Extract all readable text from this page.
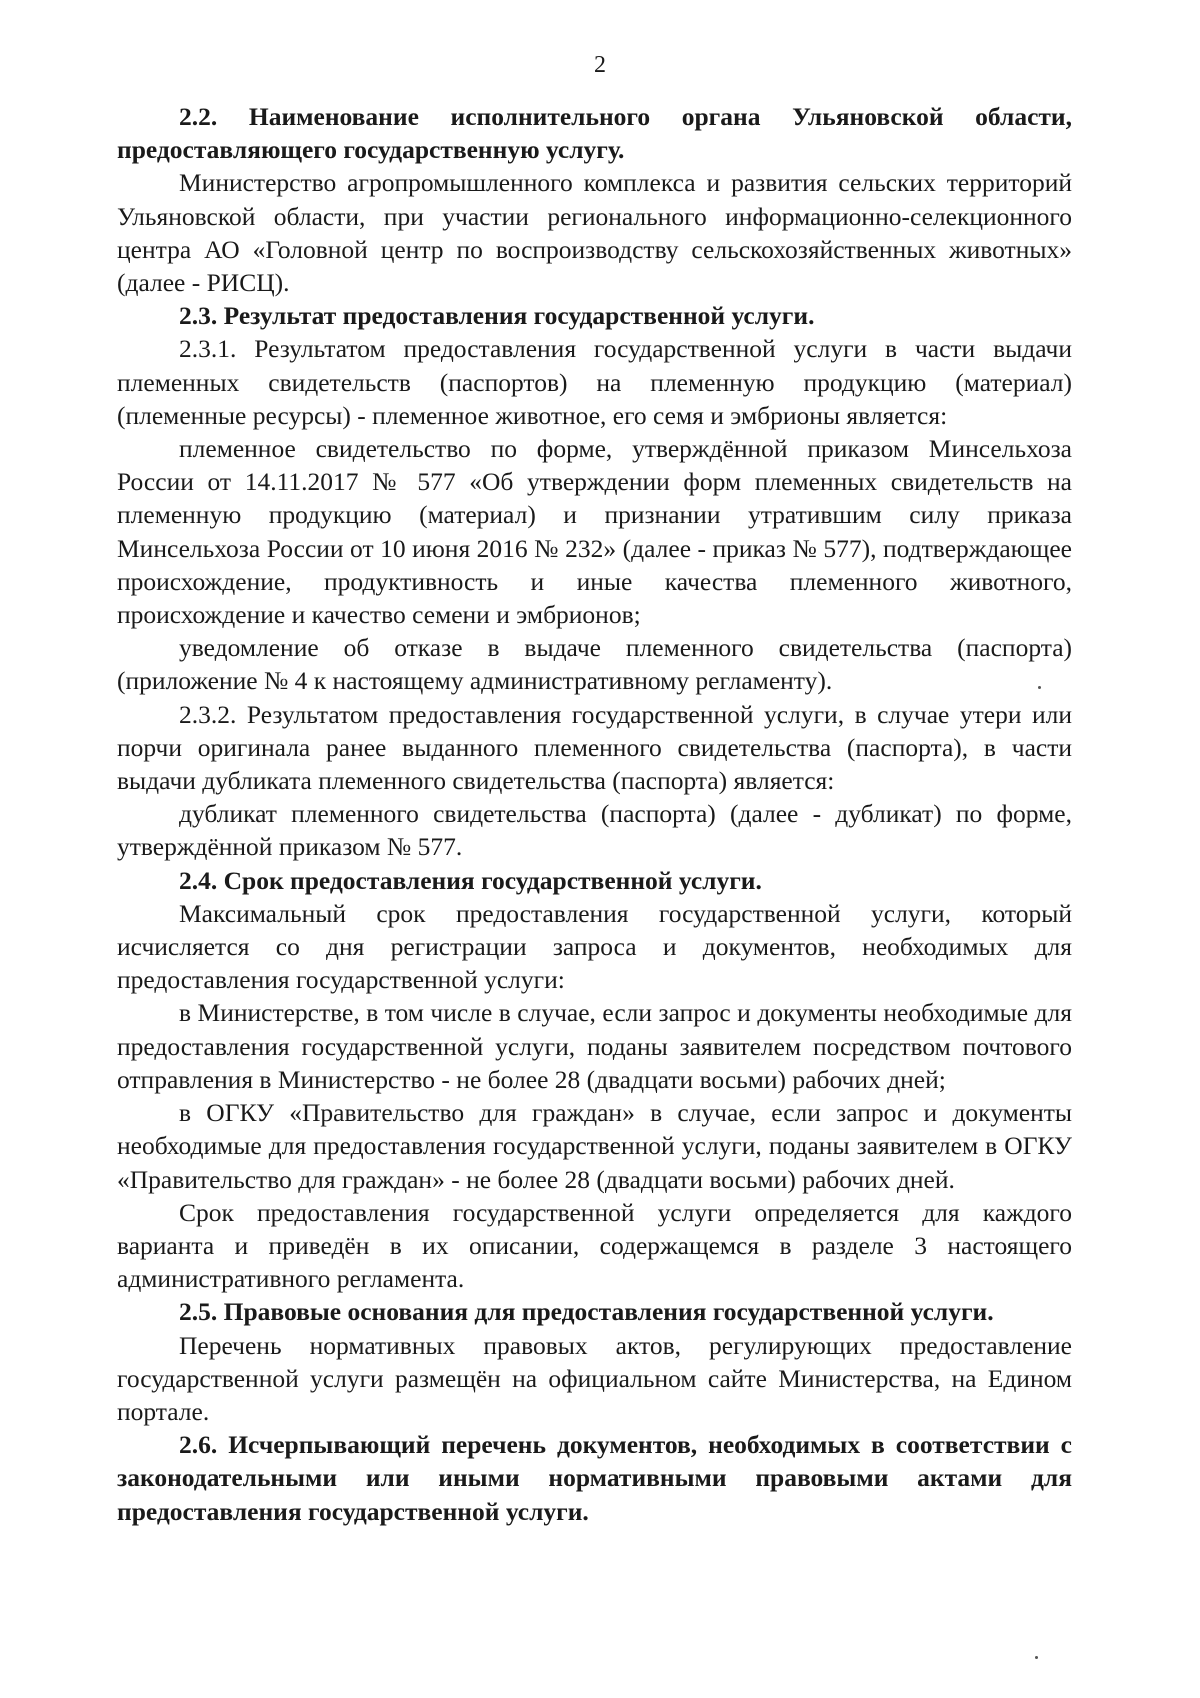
2

2.2. Наименование исполнительного органа Ульяновской области, предоставляющего государственную услугу.

Министерство агропромышленного комплекса и развития сельских территорий Ульяновской области, при участии регионального информационно-селекционного центра АО «Головной центр по воспроизводству сельскохозяйственных животных» (далее - РИСЦ).

2.3. Результат предоставления государственной услуги.

2.3.1. Результатом предоставления государственной услуги в части выдачи племенных свидетельств (паспортов) на племенную продукцию (материал) (племенные ресурсы) - племенное животное, его семя и эмбрионы является:

племенное свидетельство по форме, утверждённой приказом Минсельхоза России от 14.11.2017 № 577 «Об утверждении форм племенных свидетельств на племенную продукцию (материал) и признании утратившим силу приказа Минсельхоза России от 10 июня 2016 № 232» (далее - приказ № 577), подтверждающее происхождение, продуктивность и иные качества племенного животного, происхождение и качество семени и эмбрионов;

уведомление об отказе в выдаче племенного свидетельства (паспорта) (приложение № 4 к настоящему административному регламенту).

2.3.2. Результатом предоставления государственной услуги, в случае утери или порчи оригинала ранее выданного племенного свидетельства (паспорта), в части выдачи дубликата племенного свидетельства (паспорта) является:

дубликат племенного свидетельства (паспорта) (далее - дубликат) по форме, утверждённой приказом № 577.

2.4. Срок предоставления государственной услуги.

Максимальный срок предоставления государственной услуги, который исчисляется со дня регистрации запроса и документов, необходимых для предоставления государственной услуги:

в Министерстве, в том числе в случае, если запрос и документы необходимые для предоставления государственной услуги, поданы заявителем посредством почтового отправления в Министерство - не более 28 (двадцати восьми) рабочих дней;

в ОГКУ «Правительство для граждан» в случае, если запрос и документы необходимые для предоставления государственной услуги, поданы заявителем в ОГКУ «Правительство для граждан» - не более 28 (двадцати восьми) рабочих дней.

Срок предоставления государственной услуги определяется для каждого варианта и приведён в их описании, содержащемся в разделе 3 настоящего административного регламента.

2.5. Правовые основания для предоставления государственной услуги.

Перечень нормативных правовых актов, регулирующих предоставление государственной услуги размещён на официальном сайте Министерства, на Едином портале.

2.6. Исчерпывающий перечень документов, необходимых в соответствии с законодательными или иными нормативными правовыми актами для предоставления государственной услуги.
